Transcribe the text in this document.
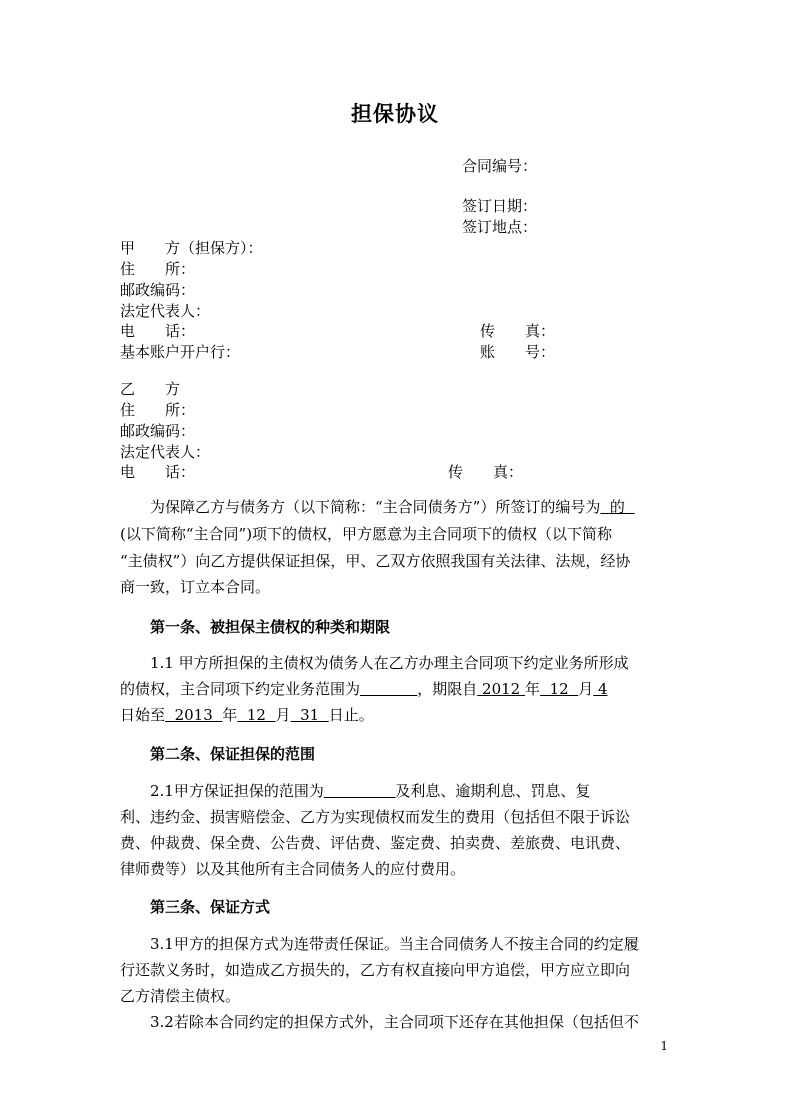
担保协议
合同编号：
签订日期：
签订地点：
甲　　方（担保方）：
住　　所：
邮政编码：
法定代表人：
电　　话：	传　　真：
基本账户开户行：	账　　号：
乙　　方
住　　所：
邮政编码：
法定代表人：
电　　话：	传　　真：
为保障乙方与债务方（以下简称：“主合同债务方”）所签订的编号为 的
(以下简称“主合同”)项下的债权，甲方愿意为主合同项下的债权（以下简称
“主债权”）向乙方提供保证担保，甲、乙双方依照我国有关法律、法规，经协
商一致，订立本合同。
第一条、被担保主债权的种类和期限
1.1 甲方所担保的主债权为债务人在乙方办理主合同项下约定业务所形成
的债权，主合同项下约定业务范围为	，期限自 2012 年 12 月 4
日始至 2013 年 12 月 31 日止。
第二条、保证担保的范围
2.1甲方保证担保的范围为	及利息、逾期利息、罚息、复
利、违约金、损害赔偿金、乙方为实现债权而发生的费用（包括但不限于诉讼
费、仲裁费、保全费、公告费、评估费、鉴定费、拍卖费、差旅费、电讯费、
律师费等）以及其他所有主合同债务人的应付费用。
第三条、保证方式
3.1甲方的担保方式为连带责任保证。当主合同债务人不按主合同的约定履
行还款义务时，如造成乙方损失的，乙方有权直接向甲方追偿，甲方应立即向
乙方清偿主债权。
3.2若除本合同约定的担保方式外，主合同项下还存在其他担保（包括但不
1
